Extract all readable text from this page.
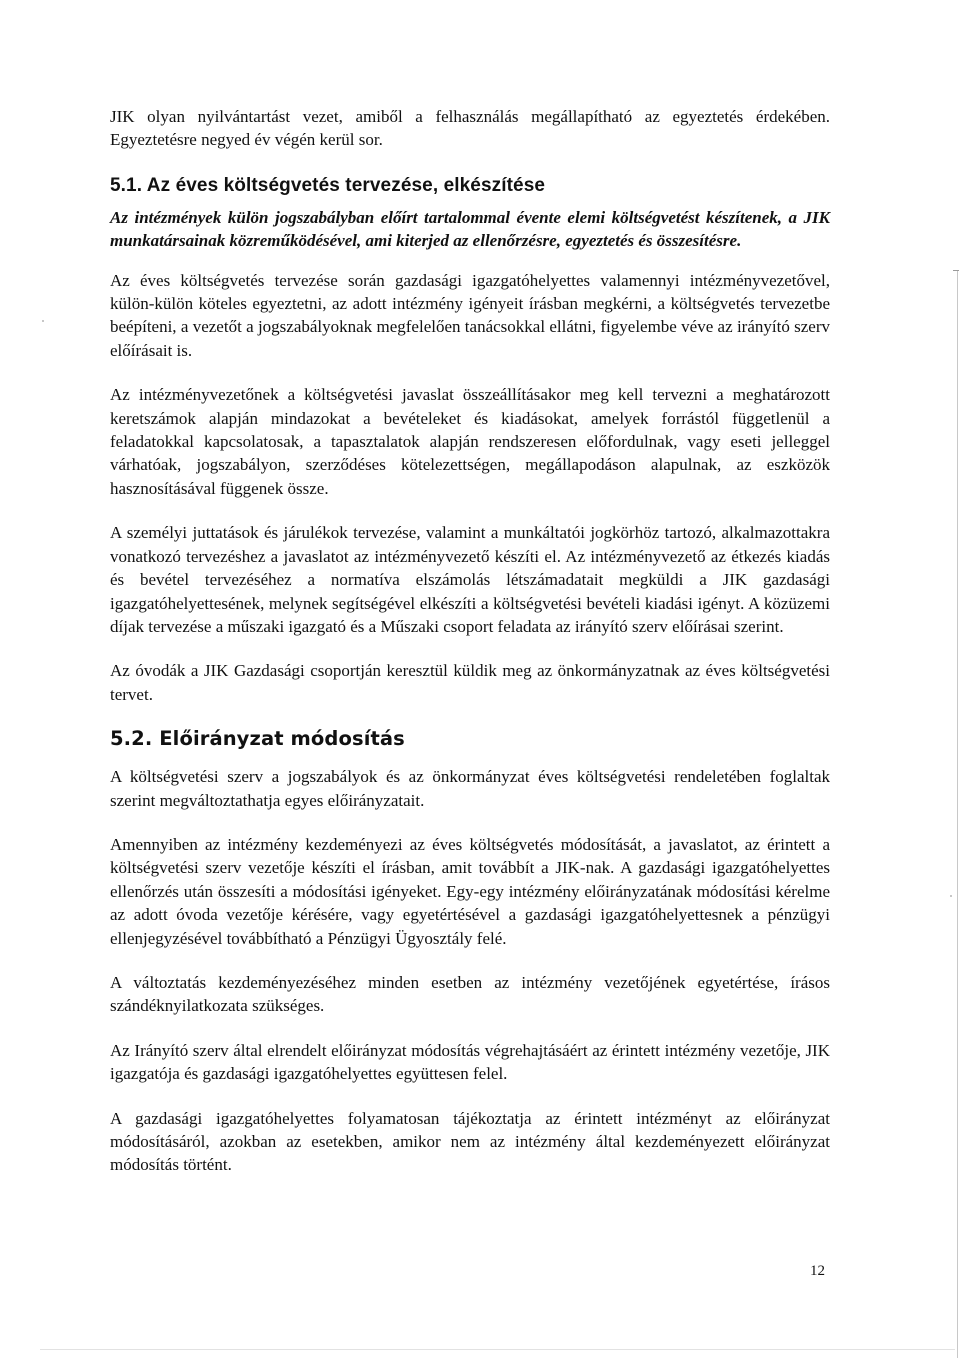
JIK olyan nyilvántartást vezet, amiből a felhasználás megállapítható az egyeztetés érdekében. Egyeztetésre negyed év végén kerül sor.

5.1. Az éves költségvetés tervezése, elkészítése

Az intézmények külön jogszabályban előírt tartalommal évente elemi költségvetést készítenek, a JIK munkatársainak közreműködésével, ami kiterjed az ellenőrzésre, egyeztetés és összesítésre.

Az éves költségvetés tervezése során gazdasági igazgatóhelyettes valamennyi intézményvezetővel, külön-külön köteles egyeztetni, az adott intézmény igényeit írásban megkérni, a költségvetés tervezetbe beépíteni, a vezetőt a jogszabályoknak megfelelően tanácsokkal ellátni, figyelembe véve az irányító szerv előírásait is.

Az intézményvezetőnek a költségvetési javaslat összeállításakor meg kell tervezni a meghatározott keretszámok alapján mindazokat a bevételeket és kiadásokat, amelyek forrástól függetlenül a feladatokkal kapcsolatosak, a tapasztalatok alapján rendszeresen előfordulnak, vagy eseti jelleggel várhatóak, jogszabályon, szerződéses kötelezettségen, megállapodáson alapulnak, az eszközök hasznosításával függenek össze.

A személyi juttatások és járulékok tervezése, valamint a munkáltatói jogkörhöz tartozó, alkalmazottakra vonatkozó tervezéshez a javaslatot az intézményvezető készíti el. Az intézményvezető az étkezés kiadás és bevétel tervezéséhez a normatíva elszámolás létszámadatait megküldi a JIK gazdasági igazgatóhelyettesének, melynek segítségével elkészíti a költségvetési bevételi kiadási igényt. A közüzemi díjak tervezése a műszaki igazgató és a Műszaki csoport feladata az irányító szerv előírásai szerint.

Az óvodák a JIK Gazdasági csoportján keresztül küldik meg az önkormányzatnak az éves költségvetési tervet.

5.2. Előirányzat módosítás

A költségvetési szerv a jogszabályok és az önkormányzat éves költségvetési rendeletében foglaltak szerint megváltoztathatja egyes előirányzatait.

Amennyiben az intézmény kezdeményezi az éves költségvetés módosítását, a javaslatot, az érintett a költségvetési szerv vezetője készíti el írásban, amit továbbít a JIK-nak. A gazdasági igazgatóhelyettes ellenőrzés után összesíti a módosítási igényeket. Egy-egy intézmény előirányzatának módosítási kérelme az adott óvoda vezetője kérésére, vagy egyetértésével a gazdasági igazgatóhelyettesnek a pénzügyi ellenjegyzésével továbbítható a Pénzügyi Ügyosztály felé.

A változtatás kezdeményezéséhez minden esetben az intézmény vezetőjének egyetértése, írásos szándéknyilatkozata szükséges.

Az Irányító szerv által elrendelt előirányzat módosítás végrehajtásáért az érintett intézmény vezetője, JIK igazgatója és gazdasági igazgatóhelyettes együttesen felel.

A gazdasági igazgatóhelyettes folyamatosan tájékoztatja az érintett intézményt az előirányzat módosításáról, azokban az esetekben, amikor nem az intézmény által kezdeményezett előirányzat módosítás történt.

12
